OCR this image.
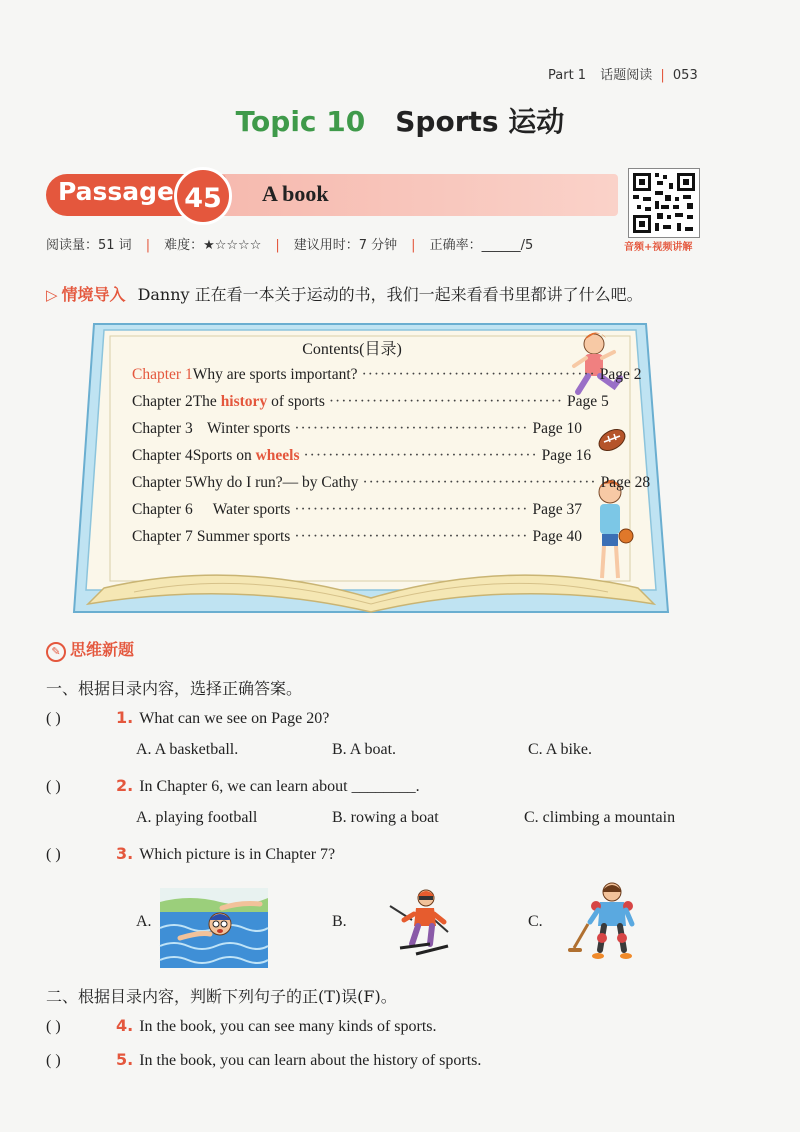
Part 1 话题阅读 | 053
Topic 10 Sports 运动
Passage 45	A book
音频+视频讲解
阅读量：51 词 | 难度：★☆☆☆☆ | 建议用时：7 分钟 | 正确率：______/5
▷ 情境导入 Danny 正在看一本关于运动的书，我们一起来看看书里都讲了什么吧。
Contents(目录)
Chapter 1 Why are sports important? ······································ Page 2
Chapter 2 The history of sports ······································ Page 5
Chapter 3 Winter sports ······································ Page 10
Chapter 4 Sports on wheels ······································ Page 16
Chapter 5 Why do I run?— by Cathy ······································ Page 28
Chapter 6	Water sports ······································ Page 37
Chapter 7 Summer sports ······································ Page 40
✎ 思维新题
一、根据目录内容，选择正确答案。
( )	1. What can we see on Page 20?
A. A basketball.	B. A boat.	C. A bike.
( )	2. In Chapter 6, we can learn about ________.
A. playing football	B. rowing a boat	C. climbing a mountain
( )	3. Which picture is in Chapter 7?
A.	B.	C.
二、根据目录内容，判断下列句子的正(T)误(F)。
( )	4. In the book, you can see many kinds of sports.
( )	5. In the book, you can learn about the history of sports.
